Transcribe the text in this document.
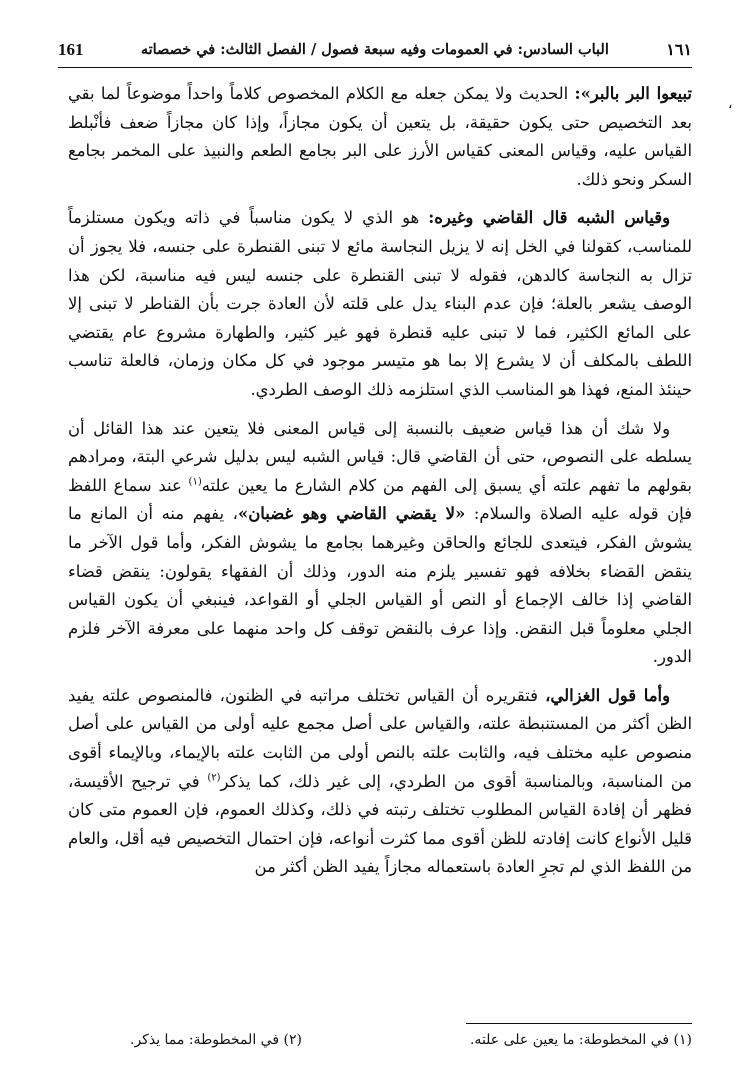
١٦١
الباب السادس: في العمومات وفيه سبعة فصول / الفصل الثالث: في خصصاته
161
،

تبيعوا البر بالبر»: الحديث ولا يمكن جعله مع الكلام المخصوص كلاماً واحداً موضوعاً لما بقي بعد التخصيص حتى يكون حقيقة، بل يتعين أن يكون مجازاً، وإذا كان مجازاً ضعف فأنْبلط القياس عليه، وقياس المعنى كقياس الأرز على البر بجامع الطعم والنبيذ على المخمر بجامع السكر ونحو ذلك.

وقياس الشبه قال القاضي وغيره: هو الذي لا يكون مناسباً في ذاته ويكون مستلزماً للمناسب، كقولنا في الخل إنه لا يزيل النجاسة مائع لا تبنى القنطرة على جنسه، فلا يجوز أن تزال به النجاسة كالدهن، فقوله لا تبنى القنطرة على جنسه ليس فيه مناسبة، لكن هذا الوصف يشعر بالعلة؛ فإن عدم البناء يدل على قلته لأن العادة جرت بأن القناطر لا تبنى إلا على المائع الكثير، فما لا تبنى عليه قنطرة فهو غير كثير، والطهارة مشروع عام يقتضي اللطف بالمكلف أن لا يشرع إلا بما هو متيسر موجود في كل مكان وزمان، فالعلة تناسب حينئذ المنع، فهذا هو المناسب الذي استلزمه ذلك الوصف الطردي.

ولا شك أن هذا قياس ضعيف بالنسبة إلى قياس المعنى فلا يتعين عند هذا القائل أن يسلطه على النصوص، حتى أن القاضي قال: قياس الشبه ليس بدليل شرعي البتة، ومرادهم بقولهم ما تفهم علته أي يسبق إلى الفهم من كلام الشارع ما يعين علته$^{(١)}$ عند سماع اللفظ فإن قوله عليه الصلاة والسلام: «لا يقضي القاضي وهو غضبان»، يفهم منه أن المانع ما يشوش الفكر، فيتعدى للجائع والحاقن وغيرهما بجامع ما يشوش الفكر، وأما قول الآخر ما ينقض القضاء بخلافه فهو تفسير يلزم منه الدور، وذلك أن الفقهاء يقولون: ينقض قضاء القاضي إذا خالف الإجماع أو النص أو القياس الجلي أو القواعد، فينبغي أن يكون القياس الجلي معلوماً قبل النقض. وإذا عرف بالنقض توقف كل واحد منهما على معرفة الآخر فلزم الدور.

وأما قول الغزالي، فتقريره أن القياس تختلف مراتبه في الظنون، فالمنصوص علته يفيد الظن أكثر من المستنبطة علته، والقياس على أصل مجمع عليه أولى من القياس على أصل منصوص عليه مختلف فيه، والثابت علته بالنص أولى من الثابت علته بالإيماء، وبالإيماء أقوى من المناسبة، وبالمناسبة أقوى من الطردي، إلى غير ذلك، كما يذكر$^{(٢)}$ في ترجيح الأقيسة، فظهر أن إفادة القياس المطلوب تختلف رتبته في ذلك، وكذلك العموم، فإن العموم متى كان قليل الأنواع كانت إفادته للظن أقوى مما كثرت أنواعه، فإن احتمال التخصيص فيه أقل، والعام من اللفظ الذي لم تجرِ العادة باستعماله مجازاً يفيد الظن أكثر من

(١) في المخطوطة: ما يعين على علته.
(٢) في المخطوطة: مما يذكر.
